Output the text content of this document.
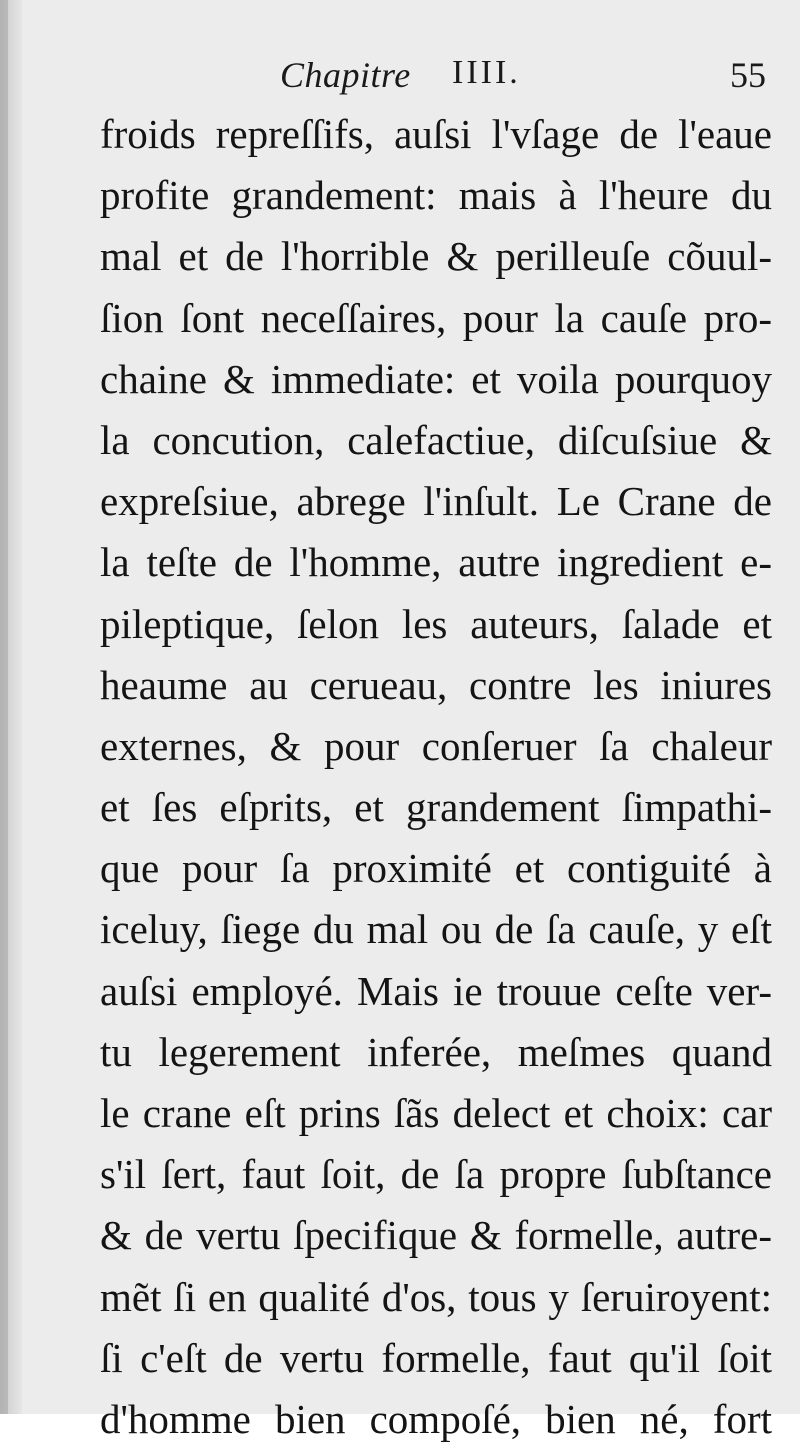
Chapitre IIII.	55
froids repreſſifs, auſsi l'vſage de l'eaue
profite grandement: mais à l'heure du
mal et de l'horrible & perilleuſe cõuul-
ſion ſont neceſſaires, pour la cauſe pro-
chaine & immediate: et voila pourquoy
la concution, calefactiue, diſcuſsiue &
expreſsiue, abrege l'inſult. Le Crane de
la teſte de l'homme, autre ingredient e-
pileptique, ſelon les auteurs, ſalade et
heaume au cerueau, contre les iniures
externes, & pour conſeruer ſa chaleur
et ſes eſprits, et grandement ſimpathi-
que pour ſa proximité et contiguité à
iceluy, ſiege du mal ou de ſa cauſe, y eſt
auſsi employé. Mais ie trouue ceſte ver-
tu legerement inferée, meſmes quand
le crane eſt prins ſãs delect et choix: car
s'il ſert, faut ſoit, de ſa propre ſubſtance
& de vertu ſpecifique & formelle, autre-
mẽt ſi en qualité d'os, tous y ſeruiroyent:
ſi c'eſt de vertu formelle, faut qu'il ſoit
d'homme bien compoſé, bien né, fort
